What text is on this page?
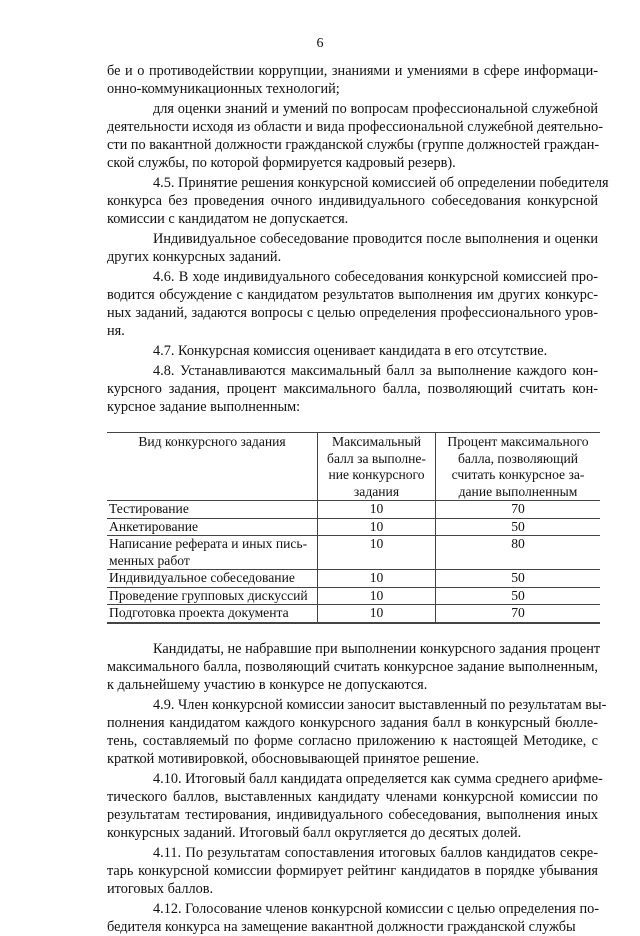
6
бе и о противодействии коррупции, знаниями и умениями в сфере информаци-
онно-коммуникационных технологий;
для оценки знаний и умений по вопросам профессиональной служебной
деятельности исходя из области и вида профессиональной служебной деятельно-
сти по вакантной должности гражданской службы (группе должностей граждан-
ской службы, по которой формируется кадровый резерв).
4.5. Принятие решения конкурсной комиссией об определении победителя
конкурса без проведения очного индивидуального собеседования конкурсной
комиссии с кандидатом не допускается.
Индивидуальное собеседование проводится после выполнения и оценки
других конкурсных заданий.
4.6. В ходе индивидуального собеседования конкурсной комиссией про-
водится обсуждение с кандидатом результатов выполнения им других конкурс-
ных заданий, задаются вопросы с целью определения профессионального уров-
ня.
4.7. Конкурсная комиссия оценивает кандидата в его отсутствие.
4.8. Устанавливаются максимальный балл за выполнение каждого кон-
курсного задания, процент максимального балла, позволяющий считать кон-
курсное задание выполненным:
Вид конкурсного задания	Максимальный балл за выполне-ние конкурсного задания	Процент максимального балла, позволяющий считать конкурсное за-дание выполненным
Тестирование	10	70
Анкетирование	10	50
Написание реферата и иных пись-менных работ	10	80
Индивидуальное собеседование	10	50
Проведение групповых дискуссий	10	50
Подготовка проекта документа	10	70
Кандидаты, не набравшие при выполнении конкурсного задания процент
максимального балла, позволяющий считать конкурсное задание выполненным,
к дальнейшему участию в конкурсе не допускаются.
4.9. Член конкурсной комиссии заносит выставленный по результатам вы-
полнения кандидатом каждого конкурсного задания балл в конкурсный бюлле-
тень, составляемый по форме согласно приложению к настоящей Методике, с
краткой мотивировкой, обосновывающей принятое решение.
4.10. Итоговый балл кандидата определяется как сумма среднего арифме-
тического баллов, выставленных кандидату членами конкурсной комиссии по
результатам тестирования, индивидуального собеседования, выполнения иных
конкурсных заданий. Итоговый балл округляется до десятых долей.
4.11. По результатам сопоставления итоговых баллов кандидатов секре-
тарь конкурсной комиссии формирует рейтинг кандидатов в порядке убывания
итоговых баллов.
4.12. Голосование членов конкурсной комиссии с целью определения по-
бедителя конкурса на замещение вакантной должности гражданской службы
